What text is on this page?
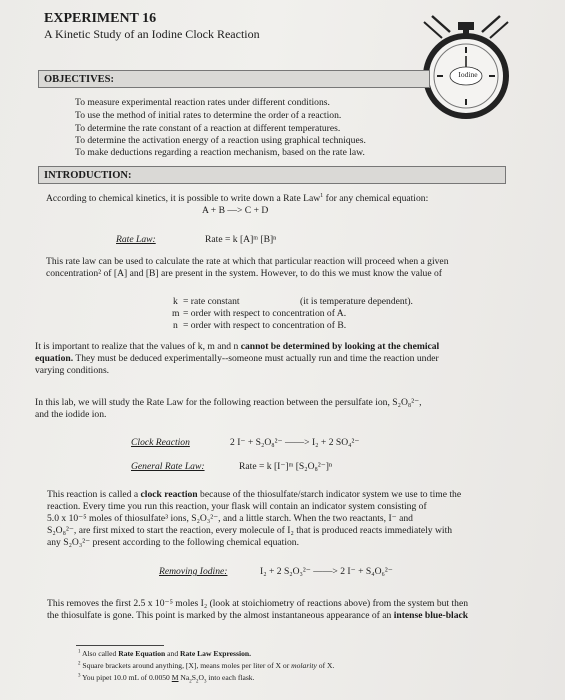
EXPERIMENT 16
A Kinetic Study of an Iodine Clock Reaction
Iodine
OBJECTIVES:
To measure experimental reaction rates under different conditions.
To use the method of initial rates to determine the order of a reaction.
To determine the rate constant of a reaction at different temperatures.
To determine the activation energy of a reaction using graphical techniques.
To make deductions regarding a reaction mechanism, based on the rate law.
INTRODUCTION:
According to chemical kinetics, it is possible to write down a Rate Law$^1$ for any chemical equation:
A + B —> C + D
Rate Law:	Rate = k [A]ᵐ [B]ⁿ
This rate law can be used to calculate the rate at which that particular reaction will proceed when a given
concentration² of [A] and [B] are present in the system. However, to do this we must know the value of
k = rate constant	(it is temperature dependent).
m = order with respect to concentration of A.
n = order with respect to concentration of B.
It is important to realize that the values of k, m and n cannot be determined by looking at the chemical
equation. They must be deduced experimentally--someone must actually run and time the reaction under
varying conditions.
In this lab, we will study the Rate Law for the following reaction between the persulfate ion, S₂O₈²⁻,
and the iodide ion.
Clock Reaction	2 I⁻ + S₂O₈²⁻ ——> I₂ + 2 SO₄²⁻
General Rate Law:	Rate = k [I⁻]ᵐ [S₂O₈²⁻]ⁿ
This reaction is called a clock reaction because of the thiosulfate/starch indicator system we use to time the
reaction. Every time you run this reaction, your flask will contain an indicator system consisting of
5.0 x 10⁻⁵ moles of thiosulfate³ ions, S₂O₃²⁻, and a little starch. When the two reactants, I⁻ and
S₂O₈²⁻, are first mixed to start the reaction, every molecule of I₂ that is produced reacts immediately with
any S₂O₃²⁻ present according to the following chemical equation.
Removing Iodine:	I₂ + 2 S₂O₃²⁻ ——> 2 I⁻ + S₄O₆²⁻
This removes the first 2.5 x 10⁻⁵ moles I₂ (look at stoichiometry of reactions above) from the system but then
the thiosulfate is gone. This point is marked by the almost instantaneous appearance of an intense blue-black
$^1$ Also called Rate Equation and Rate Law Expression.
$^2$ Square brackets around anything, [X], means moles per liter of X or molarity of X.
$^3$ You pipet 10.0 mL of 0.0050 M $Na_2S_2O_3$ into each flask.
